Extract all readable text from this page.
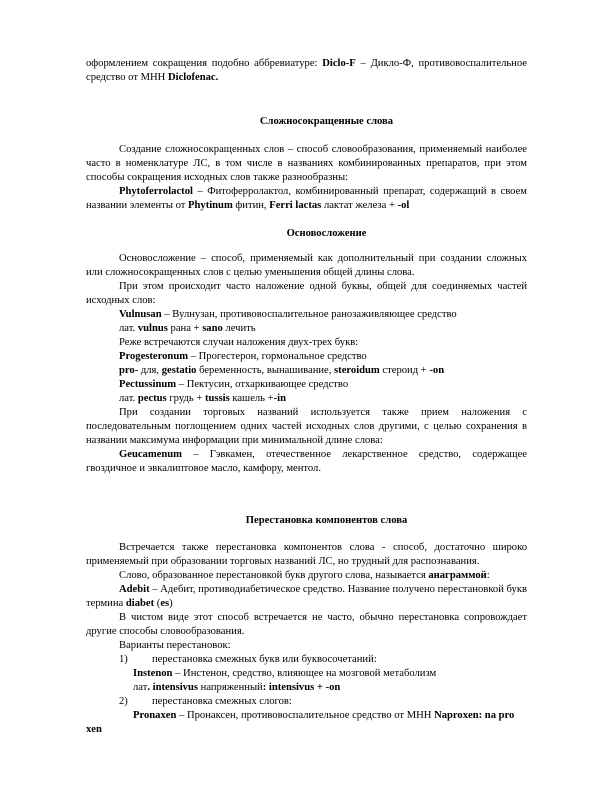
оформлением сокращения подобно аббревиатуре: Diclo-F – Дикло-Ф, противовоспалительное средство от МНН Diclofenac.

Сложносокращенные слова

Создание сложносокращенных слов – способ словообразования, применяемый наиболее часто в номенклатуре ЛС, в том числе в названиях комбинированных препаратов, при этом способы сокращения исходных слов также разнообразны:

Phytoferrolactol – Фитоферролактол, комбинированный препарат, содержащий в своем названии элементы от Phytinum фитин, Ferri lactas лактат железа + -ol

Основосложение

Основосложение – способ, применяемый как дополнительный при создании сложных или сложносокращенных слов с целью уменьшения общей длины слова.

При этом происходит часто наложение одной буквы, общей для соединяемых частей исходных слов:

Vulnusan – Вулнузан, противовоспалительное ранозаживляющее средство

лат. vulnus рана + sano лечить

Реже встречаются случаи наложения двух-трех букв:

Progesteronum – Прогестерон, гормональное средство

pro- для, gestatio беременность, вынашивание, steroidum стероид + -on

Pectussinum – Пектусин, отхаркивающее средство

лат. pectus грудь + tussis кашель +-in

При создании торговых названий используется также прием наложения с последовательным поглощением одних частей исходных слов другими, с целью сохранения в названии максимума информации при минимальной длине слова:

Geucamenum – Гэвкамен, отечественное лекарственное средство, содержащее гвоздичное и эвкалиптовое масло, камфору, ментол.

Перестановка компонентов слова

Встречается также перестановка компонентов слова - способ, достаточно широко применяемый при образовании торговых названий ЛС, но трудный для распознавания.

Слово, образованное перестановкой букв другого слова, называется анаграммой:

Adebit – Адебит, противодиабетическое средство. Название получено перестановкой букв термина diabet (es)

В чистом виде этот способ встречается не часто, обычно перестановка сопровождает другие способы словообразования.

Варианты перестановок:

1) перестановка смежных букв или буквосочетаний:

Instenon – Инстенон, средство, влияющее на мозговой метаболизм

лат. intensivus напряженный: intensivus + -on

2) перестановка смежных слогов:

Pronaxen – Пронаксен, противовоспалительное средство от МНН Naproxen: na pro

xen
